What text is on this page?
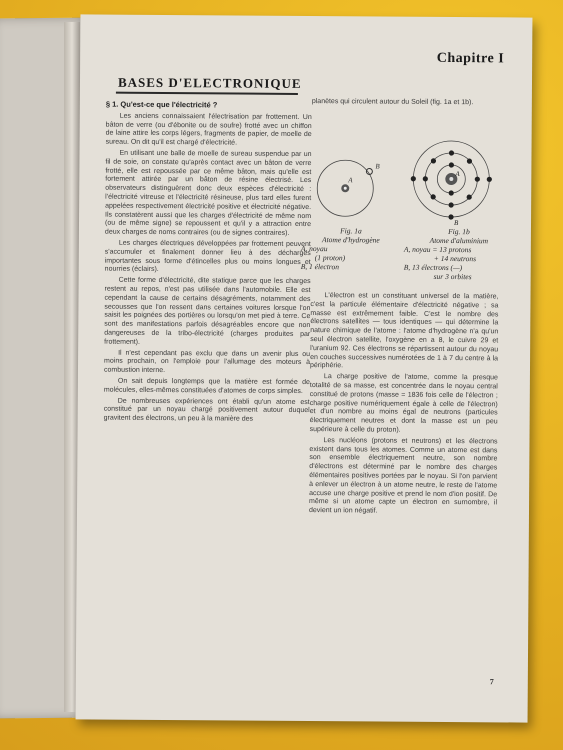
Chapitre I
BASES D'ELECTRONIQUE
§ 1. Qu'est-ce que l'électricité ?

Les anciens connaissaient l'électrisation par frottement. Un bâton de verre (ou d'ébonite ou de soufre) frotté avec un chiffon de laine attire les corps légers, fragments de papier, de moelle de sureau. On dit qu'il est chargé d'électricité.

En utilisant une balle de moelle de sureau suspendue par un fil de soie, on constate qu'après contact avec un bâton de verre frotté, elle est repoussée par ce même bâton, mais qu'elle est fortement attirée par un bâton de résine électrisé. Les observateurs distinguèrent donc deux espèces d'électricité : l'électricité vitreuse et l'électricité résineuse, plus tard elles furent appelées respectivement électricité positive et électricité négative. Ils constatèrent aussi que les charges d'électricité de même nom (ou de même signe) se repoussent et qu'il y a attraction entre deux charges de noms contraires (ou de signes contraires).

Les charges électriques développées par frottement peuvent s'accumuler et finalement donner lieu à des décharges importantes sous forme d'étincelles plus ou moins longues et nourries (éclairs).

Cette forme d'électricité, dite statique parce que les charges restent au repos, n'est pas utilisée dans l'automobile. Elle est cependant la cause de certains désagréments, notamment des secousses que l'on ressent dans certaines voitures lorsque l'on saisit les poignées des portières ou lorsqu'on met pied à terre. Ce sont des manifestations parfois désagréables encore que non dangereuses de la tribo-électricité (charges produites par frottement).

Il n'est cependant pas exclu que dans un avenir plus ou moins prochain, on l'emploie pour l'allumage des moteurs à combustion interne.

On sait depuis longtemps que la matière est formée de molécules, elles-mêmes constituées d'atomes de corps simples.

De nombreuses expériences ont établi qu'un atome est constitué par un noyau chargé positivement autour duquel gravitent des électrons, un peu à la manière des

planètes qui circulent autour du Soleil (fig. 1a et 1b).

A
B
A
B
Fig. 1a
Atome d'hydrogène
A, noyau
(1 proton)
B, 1 électron
Fig. 1b
Atome d'aluminium
A, noyau = 13 protons
+ 14 neutrons
B, 13 électrons (—)
sur 3 orbites

L'électron est un constituant universel de la matière, c'est la particule élémentaire d'électricité négative ; sa masse est extrêmement faible. C'est le nombre des électrons satellites — tous identiques — qui détermine la nature chimique de l'atome : l'atome d'hydrogène n'a qu'un seul électron satellite, l'oxygène en a 8, le cuivre 29 et l'uranium 92. Ces électrons se répartissent autour du noyau en couches successives numérotées de 1 à 7 du centre à la périphérie.

La charge positive de l'atome, comme la presque totalité de sa masse, est concentrée dans le noyau central constitué de protons (masse = 1836 fois celle de l'électron ; charge positive numériquement égale à celle de l'électron) et d'un nombre au moins égal de neutrons (particules électriquement neutres et dont la masse est un peu supérieure à celle du proton).

Les nucléons (protons et neutrons) et les électrons existent dans tous les atomes. Comme un atome est dans son ensemble électriquement neutre, son nombre d'électrons est déterminé par le nombre des charges élémentaires positives portées par le noyau. Si l'on parvient à enlever un électron à un atome neutre, le reste de l'atome accuse une charge positive et prend le nom d'ion positif. De même si un atome capte un électron en surnombre, il devient un ion négatif.

7
